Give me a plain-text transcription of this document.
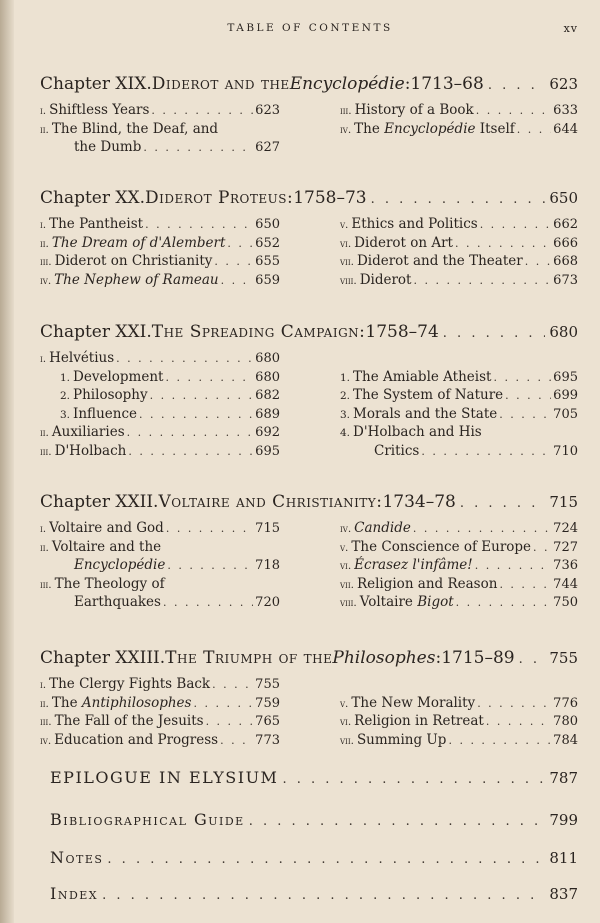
TABLE OF CONTENTS	xv
Chapter XIX. Diderot and the Encyclopédie : 1713–68 . . .	623
i. Shiftless Years . . .	623
ii. The Blind, the Deaf, and
the Dumb . . .	627
iii. History of a Book . . .	633
iv. The
Encyclopédie
Itself . . .	644
Chapter XX. Diderot Proteus: 1758–73 . . .	650
i. The Pantheist . . .	650
ii. The Dream of d'Alembert . . . 652
iii. Diderot on Christianity . . .	655
iv. The Nephew of Rameau . . .	659
v. Ethics and Politics . . .	662
vi. Diderot on Art . . .	666
vii. Diderot and the Theater . . . 668
viii. Diderot . . .	673
Chapter XXI. The Spreading Campaign: 1758–74 . . .	680
i. Helvétius . . .	680
1. Development . . .	680
2. Philosophy . . .	682
3. Influence . . .	689
ii. Auxiliaries . . .	692
iii. D'Holbach . . .	695
1. The Amiable Atheist . . .	695
2. The System of Nature . . .	699
3. Morals and the State . . .	705
4. D'Holbach and His
Critics . . .	710
Chapter XXII. Voltaire and Christianity: 1734–78 . . .	715
i. Voltaire and God . . .	715
ii. Voltaire and the
Encyclopédie . . .	718
iii. The Theology of
Earthquakes . . .	720
iv. Candide . . .	724
v. The Conscience of Europe . . . 727
vi. Écrasez l'infâme! . . .	736
vii. Religion and Reason . . .	744
viii. Voltaire
Bigot . . .	750
Chapter XXIII. The Triumph of the Philosophes : 1715–89 . . . 755
i. The Clergy Fights Back . . .	755
ii. The
Antiphilosophes . . .	759
iii. The Fall of the Jesuits . . .	765
iv. Education and Progress . . .	773
v. The New Morality . . .	776
vi. Religion in Retreat . . .	780
vii. Summing Up . . .	784
EPILOGUE IN ELYSIUM . . .	787
Bibliographical Guide . . .	799
Notes . . .	811
Index . . .	837
